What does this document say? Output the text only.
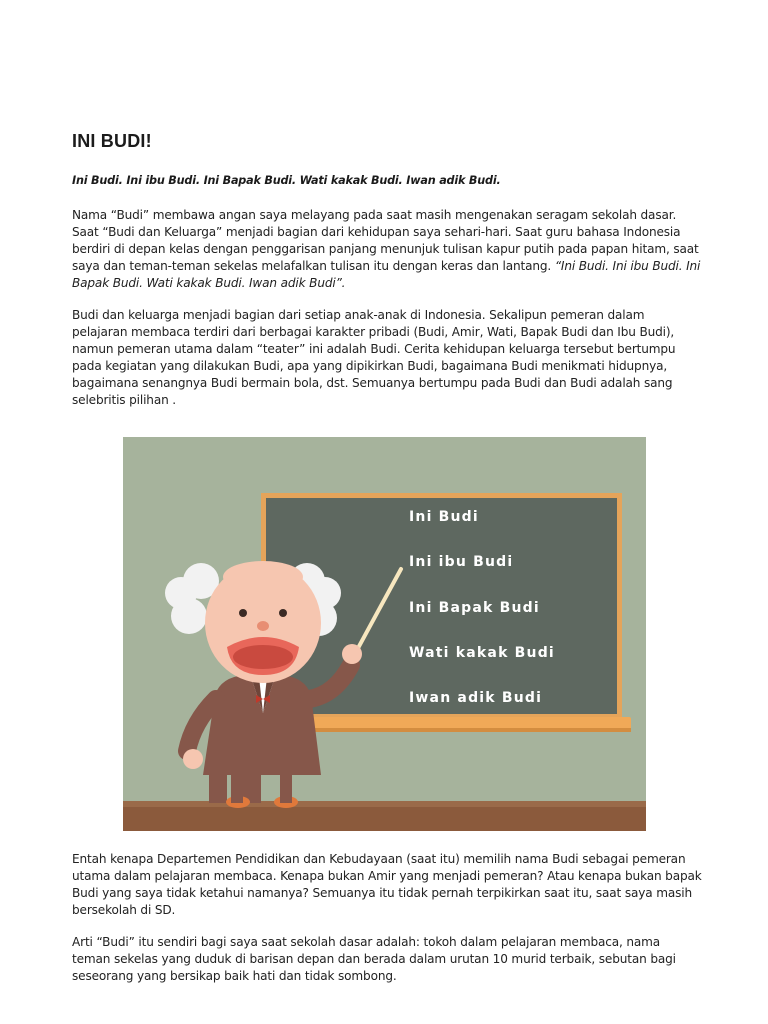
INI BUDI!

Ini Budi. Ini ibu Budi. Ini Bapak Budi. Wati kakak Budi. Iwan adik Budi.

Nama “Budi” membawa angan saya melayang pada saat masih mengenakan seragam sekolah dasar. Saat “Budi dan Keluarga” menjadi bagian dari kehidupan saya sehari-hari. Saat guru bahasa Indonesia berdiri di depan kelas dengan penggarisan panjang menunjuk tulisan kapur putih pada papan hitam, saat saya dan teman-teman sekelas melafalkan tulisan itu dengan keras dan lantang. “Ini Budi. Ini ibu Budi. Ini Bapak Budi. Wati kakak Budi. Iwan adik Budi”.

Budi dan keluarga menjadi bagian dari setiap anak-anak di Indonesia. Sekalipun pemeran dalam pelajaran membaca terdiri dari berbagai karakter pribadi (Budi, Amir, Wati, Bapak Budi dan Ibu Budi), namun pemeran utama dalam “teater” ini adalah Budi. Cerita kehidupan keluarga tersebut bertumpu pada kegiatan yang dilakukan Budi, apa yang dipikirkan Budi, bagaimana Budi menikmati hidupnya, bagaimana senangnya Budi bermain bola, dst. Semuanya bertumpu pada Budi dan Budi adalah sang selebritis pilihan .

Ini Budi
Ini ibu Budi
Ini Bapak Budi
Wati kakak Budi
Iwan adik Budi

Entah kenapa Departemen Pendidikan dan Kebudayaan (saat itu) memilih nama Budi sebagai pemeran utama dalam pelajaran membaca. Kenapa bukan Amir yang menjadi pemeran? Atau kenapa bukan bapak Budi yang saya tidak ketahui namanya? Semuanya itu tidak pernah terpikirkan saat itu, saat saya masih bersekolah di SD.

Arti “Budi” itu sendiri bagi saya saat sekolah dasar adalah: tokoh dalam pelajaran membaca, nama teman sekelas yang duduk di barisan depan dan berada dalam urutan 10 murid terbaik, sebutan bagi seseorang yang bersikap baik hati dan tidak sombong.
